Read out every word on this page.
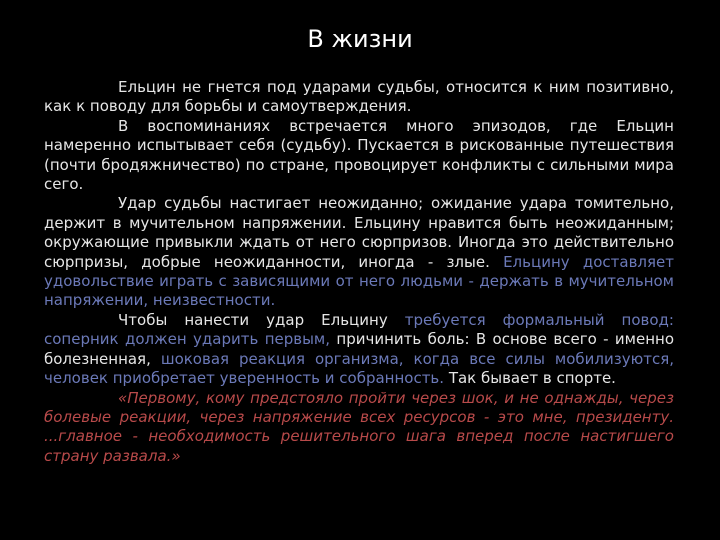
В жизни

Ельцин не гнется под ударами судьбы, относится к ним позитивно, как к поводу для борьбы и самоутверждения.

В воспоминаниях встречается много эпизодов, где Ельцин намеренно испытывает себя (судьбу). Пускается в рискованные путешествия (почти бродяжничество) по стране, провоцирует конфликты с сильными мира сего.

Удар судьбы настигает неожиданно; ожидание удара томительно, держит в мучительном напряжении. Ельцину нравится быть неожиданным; окружающие привыкли ждать от него сюрпризов. Иногда это действительно сюрпризы, добрые неожиданности, иногда - злые. Ельцину доставляет удовольствие играть с зависящими от него людьми - держать в мучительном напряжении, неизвестности.

Чтобы нанести удар Ельцину требуется формальный повод: соперник должен ударить первым, причинить боль: В основе всего - именно болезненная, шоковая реакция организма, когда все силы мобилизуются, человек приобретает уверенность и собранность. Так бывает в спорте.

«Первому, кому предстояло пройти через шок, и не однажды, через болевые реакции, через напряжение всех ресурсов - это мне, президенту. ...главное - необходимость решительного шага вперед после настигшего страну развала.»
